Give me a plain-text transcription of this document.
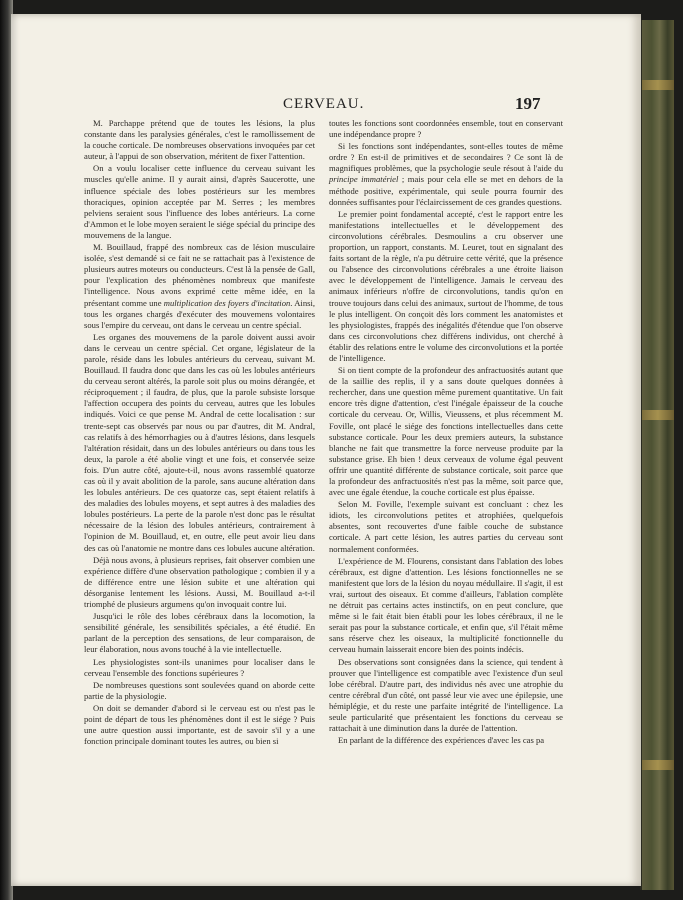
CERVEAU.	197

M. Parchappe prétend que de toutes les lésions, la plus constante dans les paralysies générales, c'est le ramollissement de la couche corticale. De nombreuses observations invoquées par cet auteur, à l'appui de son observation, méritent de fixer l'attention.

On a voulu localiser cette influence du cerveau suivant les muscles qu'elle anime. Il y aurait ainsi, d'après Saucerotte, une influence spéciale des lobes postérieurs sur les membres thoraciques, opinion acceptée par M. Serres ; les membres pelviens seraient sous l'influence des lobes antérieurs. La corne d'Ammon et le lobe moyen seraient le siége spécial du principe des mouvemens de la langue.

M. Bouillaud, frappé des nombreux cas de lésion musculaire isolée, s'est demandé si ce fait ne se rattachait pas à l'existence de plusieurs autres moteurs ou conducteurs. C'est là la pensée de Gall, pour l'explication des phénomènes nombreux que manifeste l'intelligence. Nous avons exprimé cette même idée, en la présentant comme une multiplication des foyers d'incitation. Ainsi, tous les organes chargés d'exécuter des mouvemens volontaires sous l'empire du cerveau, ont dans le cerveau un centre spécial.

Les organes des mouvemens de la parole doivent aussi avoir dans le cerveau un centre spécial. Cet organe, législateur de la parole, réside dans les lobules antérieurs du cerveau, suivant M. Bouillaud. Il faudra donc que dans les cas où les lobules antérieurs du cerveau seront altérés, la parole soit plus ou moins dérangée, et réciproquement ; il faudra, de plus, que la parole subsiste lorsque l'affection occupera des points du cerveau, autres que les lobules indiqués. Voici ce que pense M. Andral de cette localisation : sur trente-sept cas observés par nous ou par d'autres, dit M. Andral, cas relatifs à des hémorrhagies ou à d'autres lésions, dans lesquels l'altération résidait, dans un des lobules antérieurs ou dans tous les deux, la parole a été abolie vingt et une fois, et conservée seize fois. D'un autre côté, ajoute-t-il, nous avons rassemblé quatorze cas où il y avait abolition de la parole, sans aucune altération dans les lobules antérieurs. De ces quatorze cas, sept étaient relatifs à des maladies des lobules moyens, et sept autres à des maladies des lobules postérieurs. La perte de la parole n'est donc pas le résultat nécessaire de la lésion des lobules antérieurs, contrairement à l'opinion de M. Bouillaud, et, en outre, elle peut avoir lieu dans des cas où l'anatomie ne montre dans ces lobules aucune altération.

Déjà nous avons, à plusieurs reprises, fait observer combien une expérience diffère d'une observation pathologique ; combien il y a de différence entre une lésion subite et une altération qui désorganise lentement les lésions. Aussi, M. Bouillaud a-t-il triomphé de plusieurs argumens qu'on invoquait contre lui.

Jusqu'ici le rôle des lobes cérébraux dans la locomotion, la sensibilité générale, les sensibilités spéciales, a été étudié. En parlant de la perception des sensations, de leur comparaison, de leur élaboration, nous avons touché à la vie intellectuelle.

Les physiologistes sont-ils unanimes pour localiser dans le cerveau l'ensemble des fonctions supérieures ?

De nombreuses questions sont soulevées quand on aborde cette partie de la physiologie.

On doit se demander d'abord si le cerveau est ou n'est pas le point de départ de tous les phénomènes dont il est le siége ? Puis une autre question aussi importante, est de savoir s'il y a une fonction principale dominant toutes les autres, ou bien si

toutes les fonctions sont coordonnées ensemble, tout en conservant une indépendance propre ?

Si les fonctions sont indépendantes, sont-elles toutes de même ordre ? En est-il de primitives et de secondaires ? Ce sont là de magnifiques problèmes, que la psychologie seule résout à l'aide du principe immatériel ; mais pour cela elle se met en dehors de la méthode positive, expérimentale, qui seule pourra fournir des données suffisantes pour l'éclaircissement de ces grandes questions.

Le premier point fondamental accepté, c'est le rapport entre les manifestations intellectuelles et le développement des circonvolutions cérébrales. Desmoulins a cru observer une proportion, un rapport, constants. M. Leuret, tout en signalant des faits sortant de la règle, n'a pu détruire cette vérité, que la présence ou l'absence des circonvolutions cérébrales a une étroite liaison avec le développement de l'intelligence. Jamais le cerveau des animaux inférieurs n'offre de circonvolutions, tandis qu'on en trouve toujours dans celui des animaux, surtout de l'homme, de tous le plus intelligent. On conçoit dès lors comment les anatomistes et les physiologistes, frappés des inégalités d'étendue que l'on observe dans ces circonvolutions chez différens individus, ont cherché à établir des relations entre le volume des circonvolutions et la portée de l'intelligence.

Si on tient compte de la profondeur des anfractuosités autant que de la saillie des replis, il y a sans doute quelques données à rechercher, dans une question même purement quantitative. Un fait encore très digne d'attention, c'est l'inégale épaisseur de la couche corticale du cerveau. Or, Willis, Vieussens, et plus récemment M. Foville, ont placé le siége des fonctions intellectuelles dans cette substance corticale. Pour les deux premiers auteurs, la substance blanche ne fait que transmettre la force nerveuse produite par la substance grise. Eh bien ! deux cerveaux de volume égal peuvent offrir une quantité différente de substance corticale, soit parce que la profondeur des anfractuosités n'est pas la même, soit parce que, avec une égale étendue, la couche corticale est plus épaisse.

Selon M. Foville, l'exemple suivant est concluant : chez les idiots, les circonvolutions petites et atrophiées, quelquefois absentes, sont recouvertes d'une faible couche de substance corticale. A part cette lésion, les autres parties du cerveau sont normalement conformées.

L'expérience de M. Flourens, consistant dans l'ablation des lobes cérébraux, est digne d'attention. Les lésions fonctionnelles ne se manifestent que lors de la lésion du noyau médullaire. Il s'agit, il est vrai, surtout des oiseaux. Et comme d'ailleurs, l'ablation complète ne détruit pas certains actes instinctifs, on en peut conclure, que même si le fait était bien établi pour les lobes cérébraux, il ne le serait pas pour la substance corticale, et enfin que, s'il l'était même sans réserve chez les oiseaux, la multiplicité fonctionnelle du cerveau humain laisserait encore bien des points indécis.

Des observations sont consignées dans la science, qui tendent à prouver que l'intelligence est compatible avec l'existence d'un seul lobe cérébral. D'autre part, des individus nés avec une atrophie du centre cérébral d'un côté, ont passé leur vie avec une épilepsie, une hémiplégie, et du reste une parfaite intégrité de l'intelligence. La seule particularité que présentaient les fonctions du cerveau se rattachait à une diminution dans la durée de l'attention.

En parlant de la différence des expériences d'avec les cas pa
